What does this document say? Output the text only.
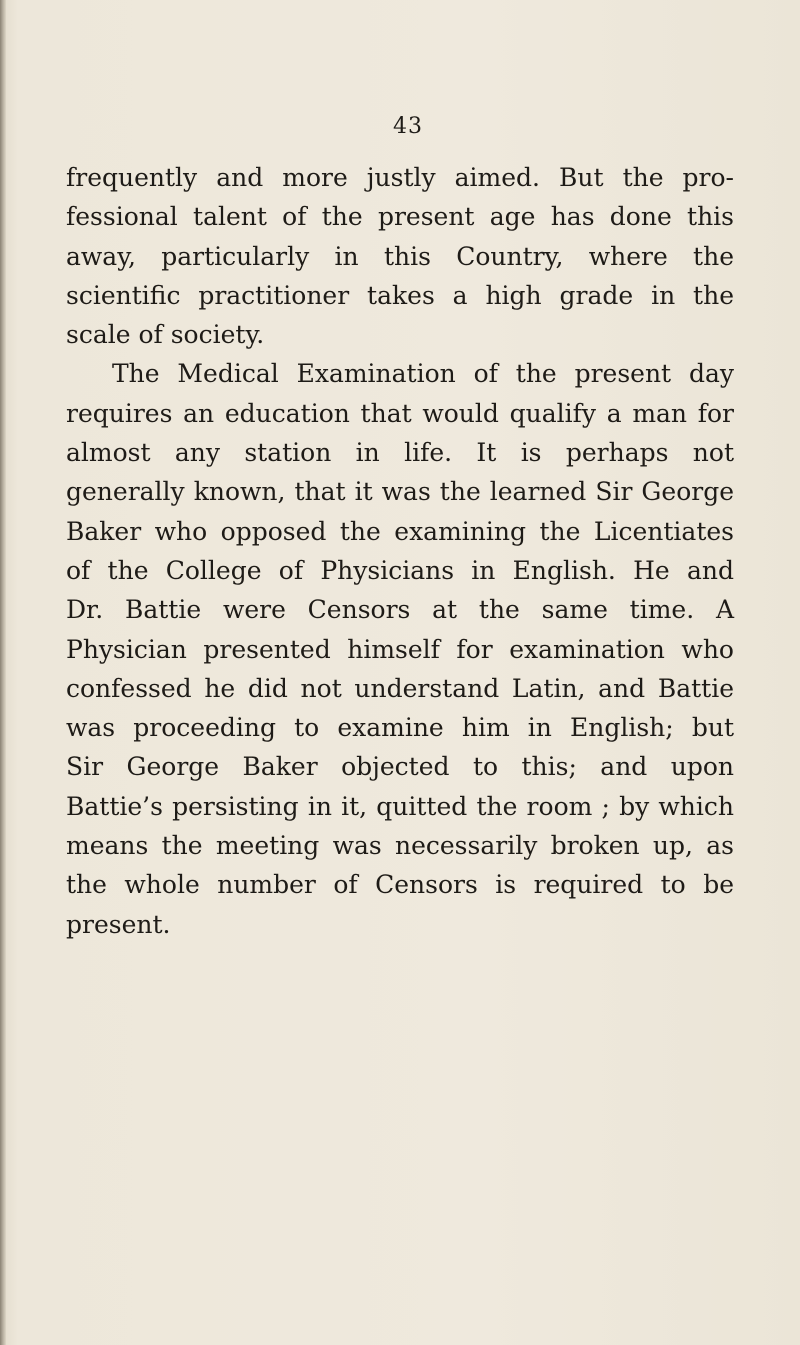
43
frequently and more justly aimed. But the pro-
fessional talent of the present age has done this
away, particularly in this Country, where the
scientific practitioner takes a high grade in the
scale of society.
The Medical Examination of the present day
requires an education that would qualify a man for
almost any station in life. It is perhaps not
generally known, that it was the learned Sir George
Baker who opposed the examining the Licentiates
of the College of Physicians in English. He and
Dr. Battie were Censors at the same time. A
Physician presented himself for examination who
confessed he did not understand Latin, and Battie
was proceeding to examine him in English; but
Sir George Baker objected to this; and upon
Battie’s persisting in it, quitted the room ; by which
means the meeting was necessarily broken up, as
the whole number of Censors is required to be
present.
